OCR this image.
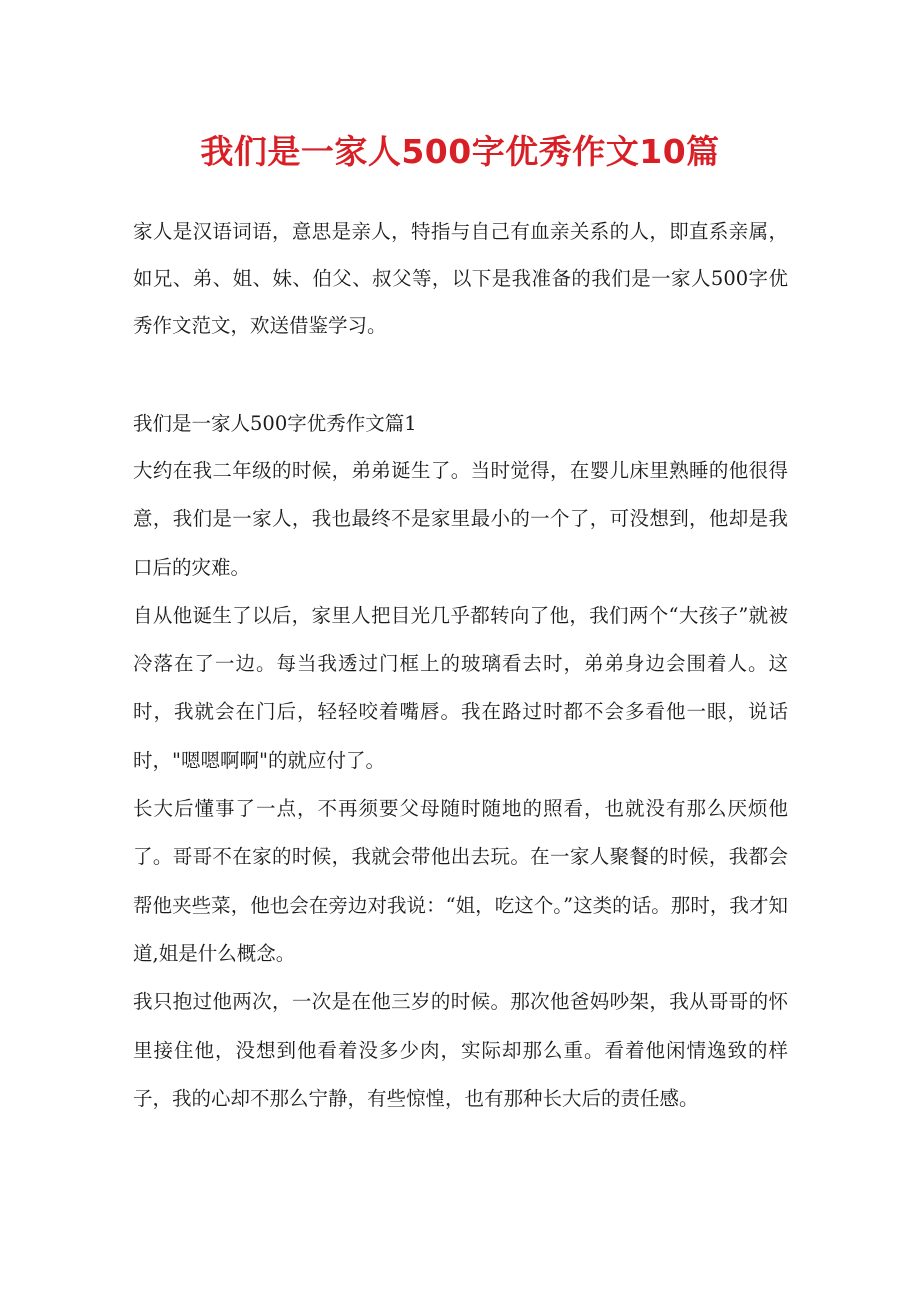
我们是一家人500字优秀作文10篇

家人是汉语词语，意思是亲人，特指与自己有血亲关系的人，即直系亲属，如兄、弟、姐、妹、伯父、叔父等，以下是我准备的我们是一家人500字优秀作文范文，欢送借鉴学习。

我们是一家人500字优秀作文篇1

大约在我二年级的时候，弟弟诞生了。当时觉得，在婴儿床里熟睡的他很得意，我们是一家人，我也最终不是家里最小的一个了，可没想到，他却是我口后的灾难。

自从他诞生了以后，家里人把目光几乎都转向了他，我们两个“大孩子”就被冷落在了一边。每当我透过门框上的玻璃看去时，弟弟身边会围着人。这时，我就会在门后，轻轻咬着嘴唇。我在路过时都不会多看他一眼，说话时，"嗯嗯啊啊"的就应付了。

长大后懂事了一点，不再须要父母随时随地的照看，也就没有那么厌烦他了。哥哥不在家的时候，我就会带他出去玩。在一家人聚餐的时候，我都会帮他夹些菜，他也会在旁边对我说：“姐，吃这个。”这类的话。那时，我才知道,姐是什么概念。

我只抱过他两次，一次是在他三岁的时候。那次他爸妈吵架，我从哥哥的怀里接住他，没想到他看着没多少肉，实际却那么重。看着他闲情逸致的样子，我的心却不那么宁静，有些惊惶，也有那种长大后的责任感。
